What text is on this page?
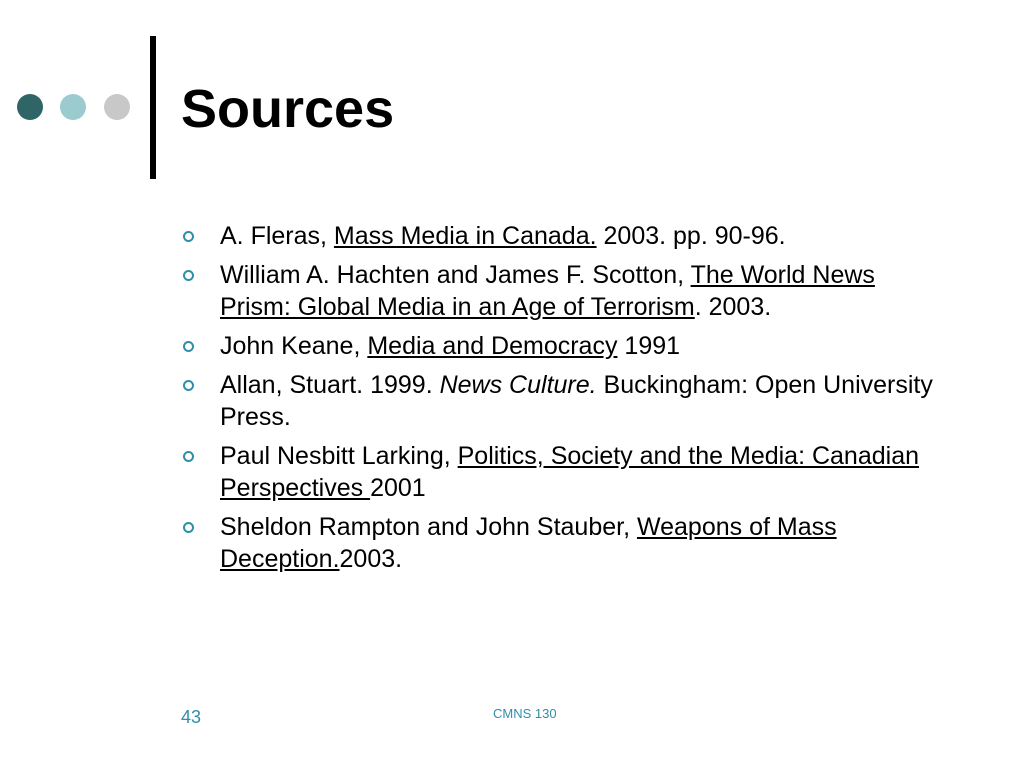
Sources
A. Fleras, Mass Media in Canada. 2003. pp. 90-96.
William A. Hachten and James F. Scotton, The World News Prism: Global Media in an Age of Terrorism. 2003.
John Keane, Media and Democracy 1991
Allan, Stuart. 1999. News Culture. Buckingham: Open University Press.
Paul Nesbitt Larking, Politics, Society and the Media: Canadian Perspectives 2001
Sheldon Rampton and John Stauber, Weapons of Mass Deception.2003.
43	CMNS 130
